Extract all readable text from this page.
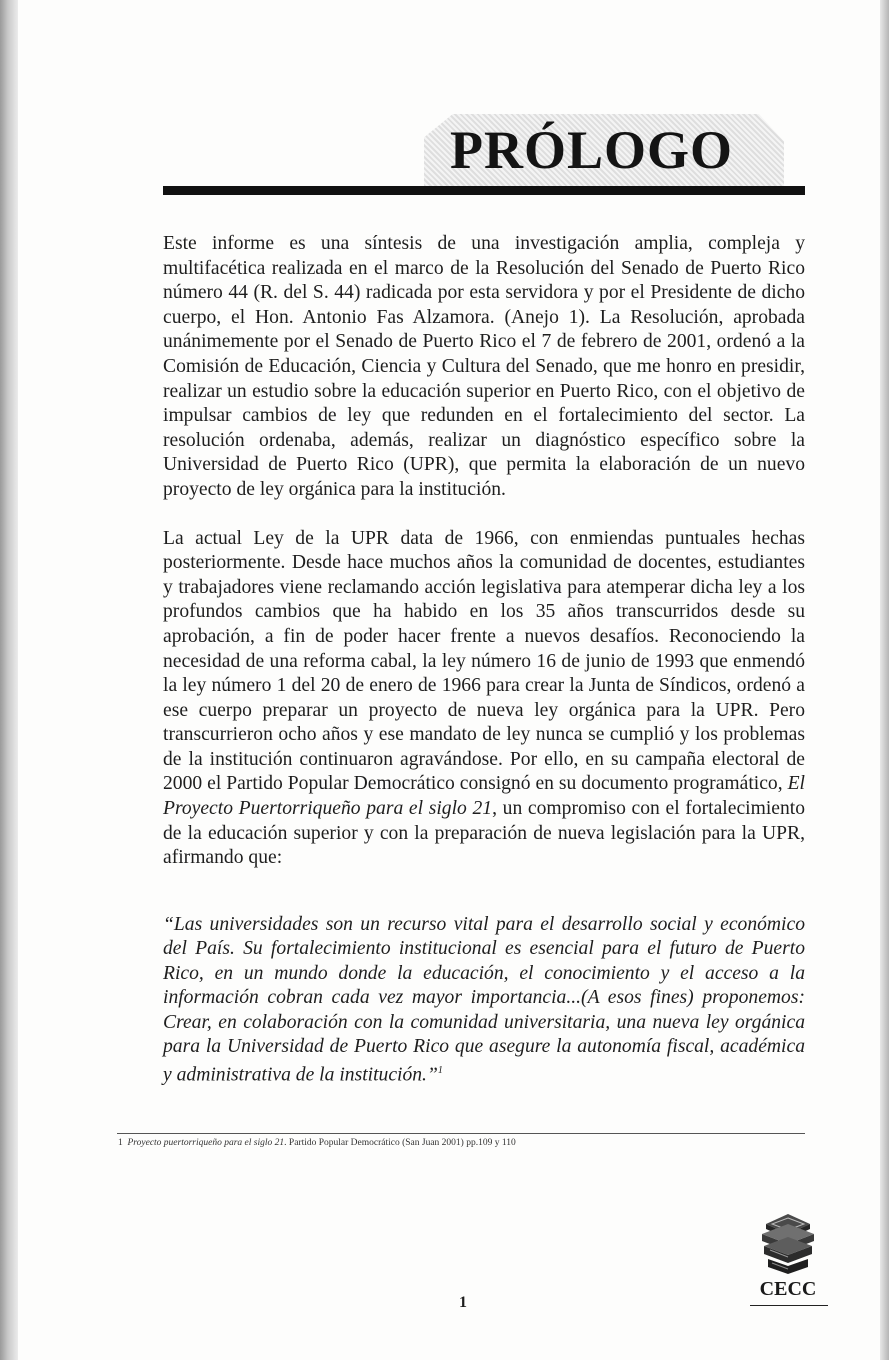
PRÓLOGO

Este informe es una síntesis de una investigación amplia, compleja y multifacética realizada en el marco de la Resolución del Senado de Puerto Rico número 44 (R. del S. 44) radicada por esta servidora y por el Presidente de dicho cuerpo, el Hon. Antonio Fas Alzamora. (Anejo 1). La Resolución, aprobada unánimemente por el Senado de Puerto Rico el 7 de febrero de 2001, ordenó a la Comisión de Educación, Ciencia y Cultura del Senado, que me honro en presidir, realizar un estudio sobre la educación superior en Puerto Rico, con el objetivo de impulsar cambios de ley que redunden en el fortalecimiento del sector. La resolución ordenaba, además, realizar un diagnóstico específico sobre la Universidad de Puerto Rico (UPR), que permita la elaboración de un nuevo proyecto de ley orgánica para la institución.

La actual Ley de la UPR data de 1966, con enmiendas puntuales hechas posteriormente. Desde hace muchos años la comunidad de docentes, estudiantes y trabajadores viene reclamando acción legislativa para atemperar dicha ley a los profundos cambios que ha habido en los 35 años transcurridos desde su aprobación, a fin de poder hacer frente a nuevos desafíos. Reconociendo la necesidad de una reforma cabal, la ley número 16 de junio de 1993 que enmendó la ley número 1 del 20 de enero de 1966 para crear la Junta de Síndicos, ordenó a ese cuerpo preparar un proyecto de nueva ley orgánica para la UPR. Pero transcurrieron ocho años y ese mandato de ley nunca se cumplió y los problemas de la institución continuaron agravándose. Por ello, en su campaña electoral de 2000 el Partido Popular Democrático consignó en su documento programático, El Proyecto Puertorriqueño para el siglo 21, un compromiso con el fortalecimiento de la educación superior y con la preparación de nueva legislación para la UPR, afirmando que:

“Las universidades son un recurso vital para el desarrollo social y económico del País. Su fortalecimiento institucional es esencial para el futuro de Puerto Rico, en un mundo donde la educación, el conocimiento y el acceso a la información cobran cada vez mayor importancia...(A esos fines) proponemos: Crear, en colaboración con la comunidad universitaria, una nueva ley orgánica para la Universidad de Puerto Rico que asegure la autonomía fiscal, académica y administrativa de la institución.”$^1$

1 Proyecto puertorriqueño para el siglo 21. Partido Popular Democrático (San Juan 2001) pp.109 y 110

1

CECC
